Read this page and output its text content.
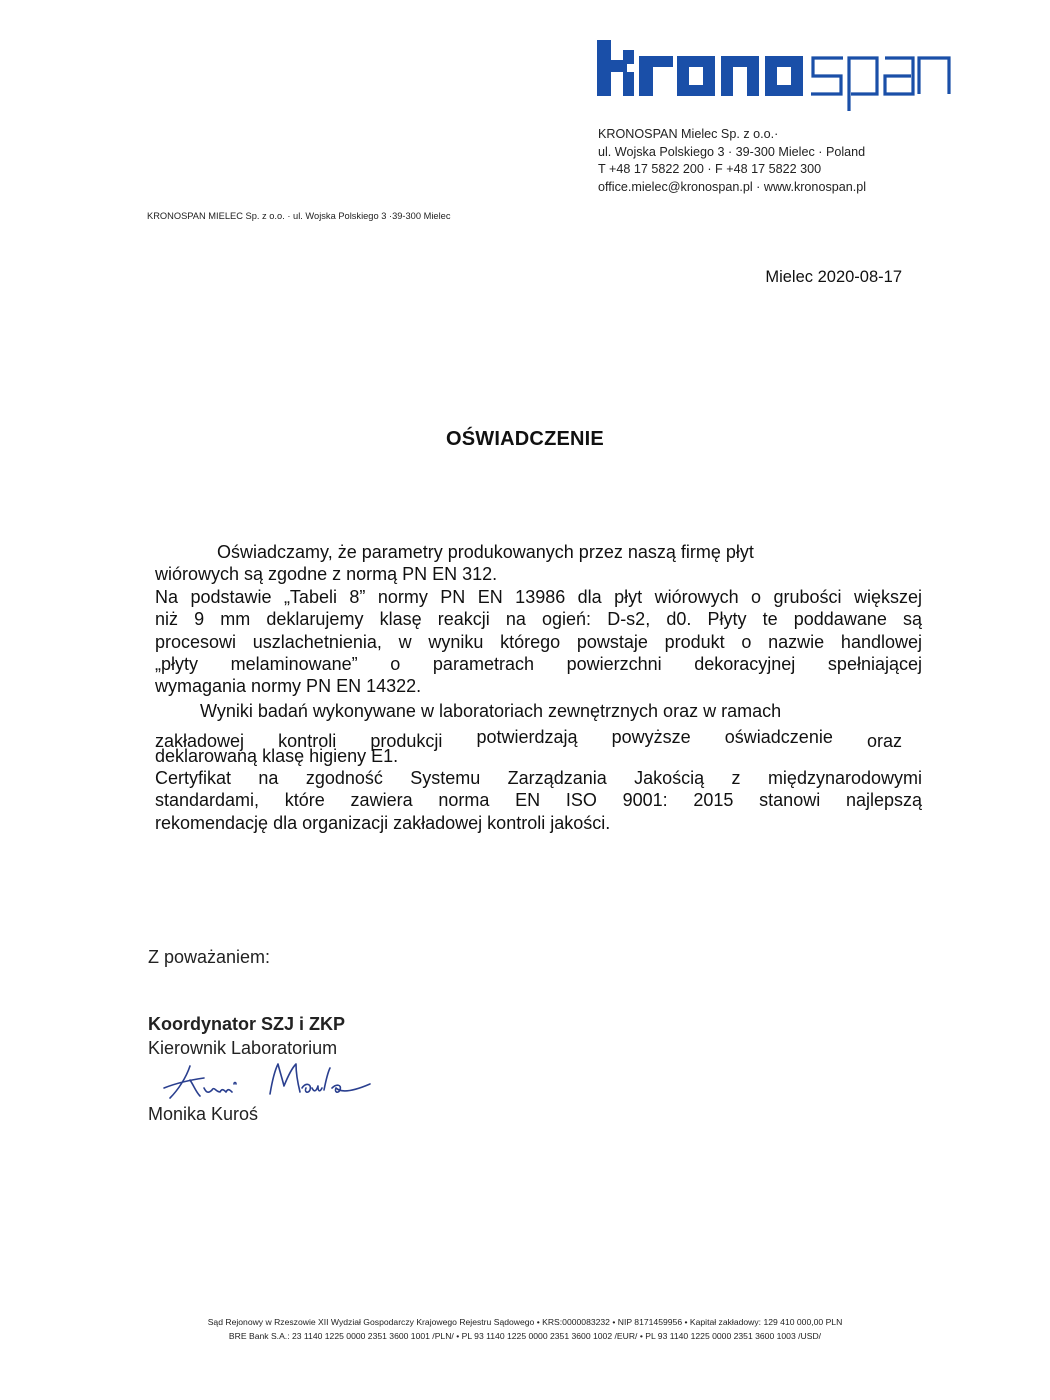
KRONOSPAN Mielec Sp. z o.o.·
ul. Wojska Polskiego 3 · 39-300 Mielec · Poland
T +48 17 5822 200 · F +48 17 5822 300
office.mielec@kronospan.pl · www.kronospan.pl
KRONOSPAN MIELEC Sp. z o.o. · ul. Wojska Polskiego 3 ·39-300 Mielec
Mielec 2020-08-17
OŚWIADCZENIE

Oświadczamy, że parametry produkowanych przez naszą firmę płyt

wiórowych są zgodne z normą PN EN 312.

Na podstawie „Tabeli 8” normy PN EN 13986 dla płyt wiórowych o grubości większej

niż 9 mm deklarujemy klasę reakcji na ogień: D-s2, d0. Płyty te poddawane są

procesowi uszlachetnienia, w wyniku którego powstaje produkt o nazwie handlowej

„płyty melaminowane” o parametrach powierzchni dekoracyjnej spełniającej

wymagania normy PN EN 14322.

Wyniki badań wykonywane w laboratoriach zewnętrznych oraz w ramach

zakładowej kontroli produkcji potwierdzają powyższe oświadczenie oraz

deklarowaną klasę higieny E1.

Certyfikat na zgodność Systemu Zarządzania Jakością z międzynarodowymi

standardami, które zawiera norma EN ISO 9001: 2015 stanowi najlepszą

rekomendację dla organizacji zakładowej kontroli jakości.

Z poważaniem:
Koordynator SZJ i ZKP
Kierownik Laboratorium
Monika Kuroś
Sąd Rejonowy w Rzeszowie XII Wydział Gospodarczy Krajowego Rejestru Sądowego • KRS:0000083232 • NIP 8171459956 • Kapitał zakładowy: 129 410 000,00 PLN
BRE Bank S.A.: 23 1140 1225 0000 2351 3600 1001 /PLN/ • PL 93 1140 1225 0000 2351 3600 1002 /EUR/ • PL 93 1140 1225 0000 2351 3600 1003 /USD/
